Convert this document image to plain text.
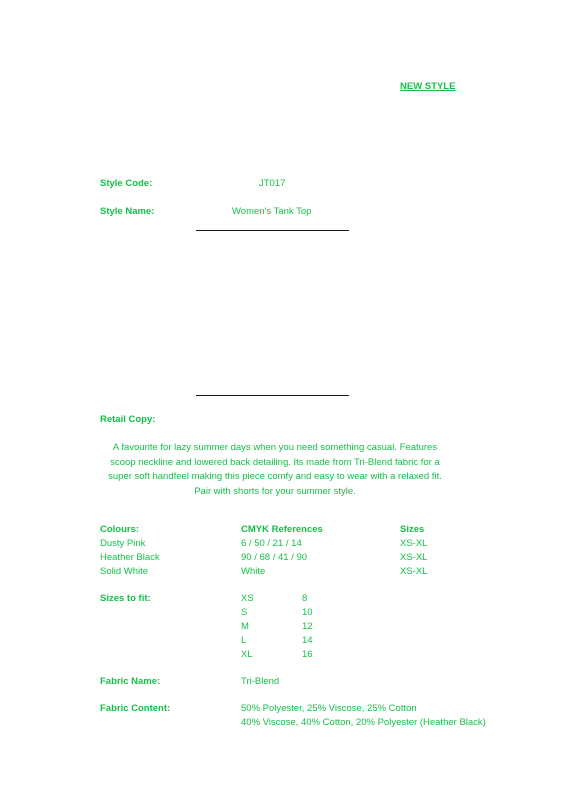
NEW STYLE
Style Code:	JT017
Style Name:	Women's Tank Top
Retail Copy:
A favourite for lazy summer days when you need something casual. Features
scoop neckline and lowered back detailing. Its made from Tri-Blend fabric for a
super soft handfeel making this piece comfy and easy to wear with a relaxed fit.
Pair with shorts for your summer style.
Colours:	CMYK References	Sizes
Dusty Pink	6 / 50 / 21 / 14	XS-XL
Heather Black	90 / 68 / 41 / 90	XS-XL
Solid White	White	XS-XL
Sizes to fit:	XS	8
S	10
M	12
L	14
XL	16
Fabric Name:	Tri-Blend
Fabric Content:	50% Polyester, 25% Viscose, 25% Cotton
40% Viscose, 40% Cotton, 20% Polyester (Heather Black)
